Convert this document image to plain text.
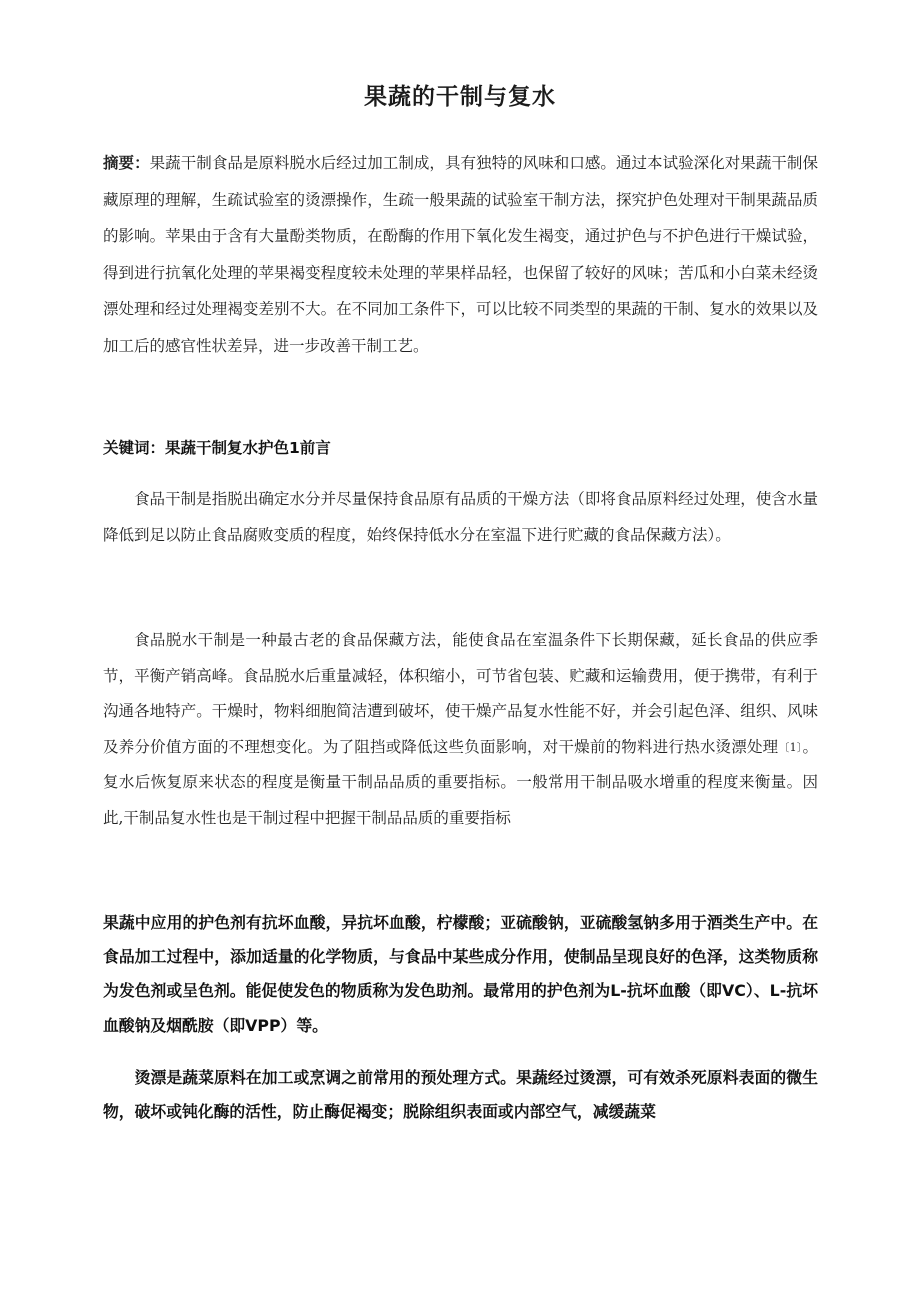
果蔬的干制与复水

摘要：果蔬干制食品是原料脱水后经过加工制成，具有独特的风味和口感。通过本试验深化对果蔬干制保藏原理的理解，生疏试验室的烫漂操作，生疏一般果蔬的试验室干制方法，探究护色处理对干制果蔬品质的影响。苹果由于含有大量酚类物质，在酚酶的作用下氧化发生褐变，通过护色与不护色进行干燥试验，得到进行抗氧化处理的苹果褐变程度较未处理的苹果样品轻，也保留了较好的风味；苦瓜和小白菜未经烫漂处理和经过处理褐变差别不大。在不同加工条件下，可以比较不同类型的果蔬的干制、复水的效果以及加工后的感官性状差异，进一步改善干制工艺。

关键词：果蔬干制复水护色1前言

食品干制是指脱出确定水分并尽量保持食品原有品质的干燥方法（即将食品原料经过处理，使含水量降低到足以防止食品腐败变质的程度，始终保持低水分在室温下进行贮藏的食品保藏方法）。

食品脱水干制是一种最古老的食品保藏方法，能使食品在室温条件下长期保藏，延长食品的供应季节，平衡产销高峰。食品脱水后重量减轻，体积缩小，可节省包装、贮藏和运输费用，便于携带，有利于沟通各地特产。干燥时，物料细胞简洁遭到破坏，使干燥产品复水性能不好，并会引起色泽、组织、风味及养分价值方面的不理想变化。为了阻挡或降低这些负面影响，对干燥前的物料进行热水烫漂处理〔1〕。复水后恢复原来状态的程度是衡量干制品品质的重要指标。一般常用干制品吸水增重的程度来衡量。因此,干制品复水性也是干制过程中把握干制品品质的重要指标

果蔬中应用的护色剂有抗坏血酸，异抗坏血酸，柠檬酸；亚硫酸钠，亚硫酸氢钠多用于酒类生产中。在食品加工过程中，添加适量的化学物质，与食品中某些成分作用，使制品呈现良好的色泽，这类物质称为发色剂或呈色剂。能促使发色的物质称为发色助剂。最常用的护色剂为L-抗坏血酸（即VC）、L-抗坏血酸钠及烟酰胺（即VPP）等。

烫漂是蔬菜原料在加工或烹调之前常用的预处理方式。果蔬经过烫漂，可有效杀死原料表面的微生物，破坏或钝化酶的活性，防止酶促褐变；脱除组织表面或内部空气，减缓蔬菜
